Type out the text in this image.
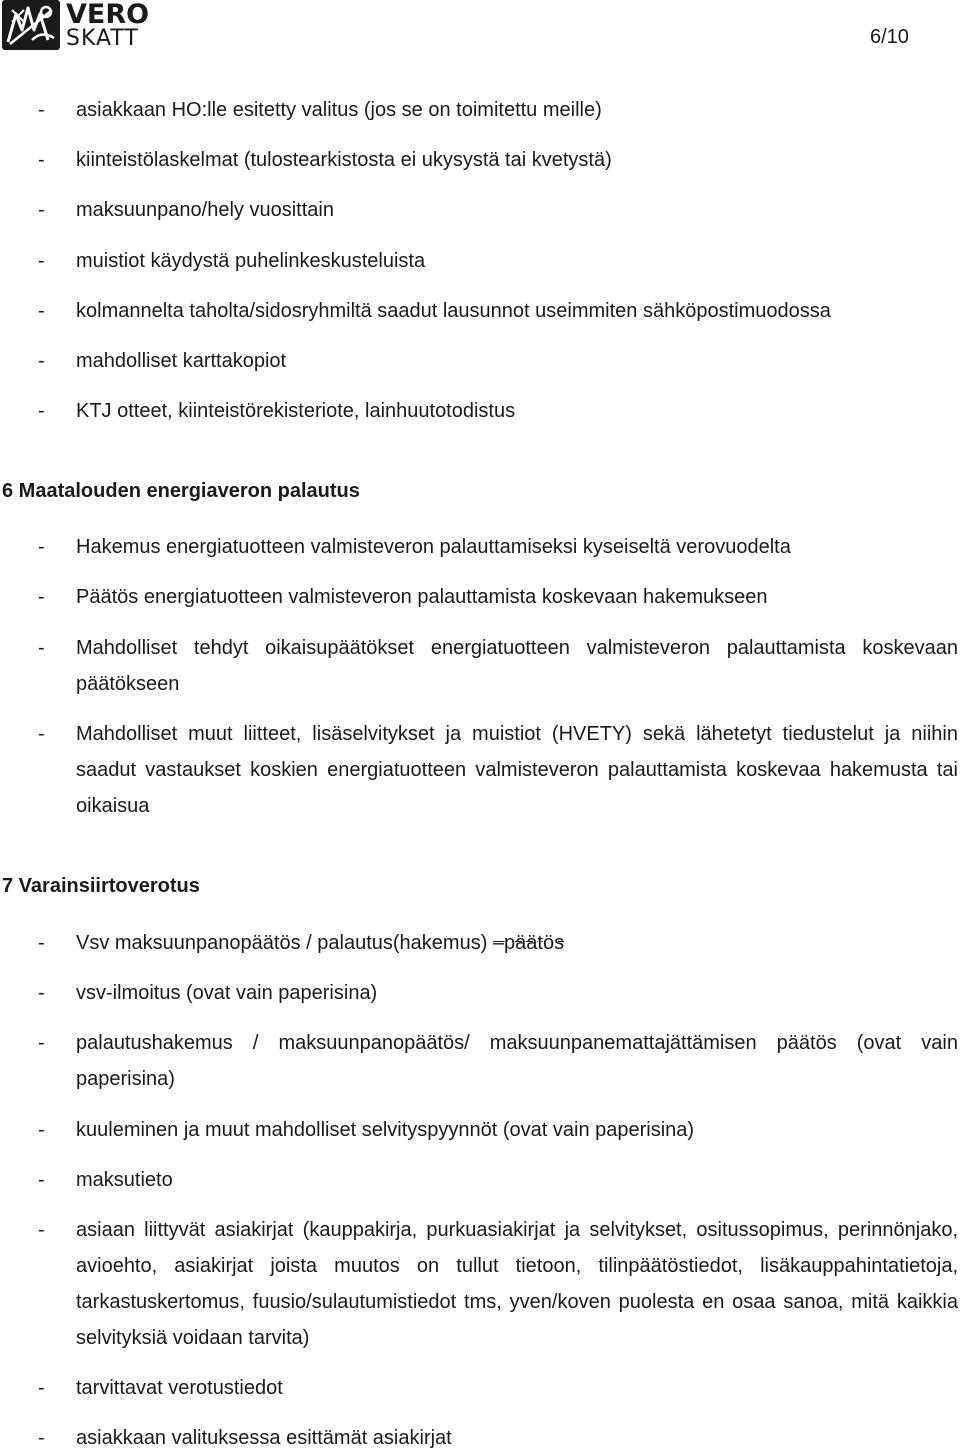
VERO
SKATT	6/10
- asiakkaan HO:lle esitetty valitus (jos se on toimitettu meille)
- kiinteistölaskelmat (tulostearkistosta ei ukysystä tai kvetystä)
- maksuunpano/hely vuosittain
- muistiot käydystä puhelinkeskusteluista
- kolmannelta taholta/sidosryhmiltä saadut lausunnot useimmiten sähköpostimuodossa
- mahdolliset karttakopiot
- KTJ otteet, kiinteistörekisteriote, lainhuutotodistus
6 Maatalouden energiaveron palautus
- Hakemus energiatuotteen valmisteveron palauttamiseksi kyseiseltä verovuodelta
- Päätös energiatuotteen valmisteveron palauttamista koskevaan hakemukseen
- Mahdolliset tehdyt oikaisupäätökset energiatuotteen valmisteveron palauttamista koskevaan päätökseen
- Mahdolliset muut liitteet, lisäselvitykset ja muistiot (HVETY) sekä lähetetyt tiedustelut ja niihin saadut vastaukset koskien energiatuotteen valmisteveron palauttamista koskevaa hakemusta tai oikaisua
7 Varainsiirtoverotus
- Vsv maksuunpanopäätös / palautus(hakemus) –päätös
- vsv-ilmoitus (ovat vain paperisina)
- palautushakemus / maksuunpanopäätös/ maksuunpanemattajättämisen päätös (ovat vain paperisina)
- kuuleminen ja muut mahdolliset selvityspyynnöt (ovat vain paperisina)
- maksutieto
- asiaan liittyvät asiakirjat (kauppakirja, purkuasiakirjat ja selvitykset, ositussopimus, perinnönjako, avioehto, asiakirjat joista muutos on tullut tietoon, tilinpäätöstiedot, lisäkauppahintatietoja, tarkastuskertomus, fuusio/sulautumistiedot tms, yven/koven puolesta en osaa sanoa, mitä kaikkia selvityksiä voidaan tarvita)
- tarvittavat verotustiedot
- asiakkaan valituksessa esittämät asiakirjat
